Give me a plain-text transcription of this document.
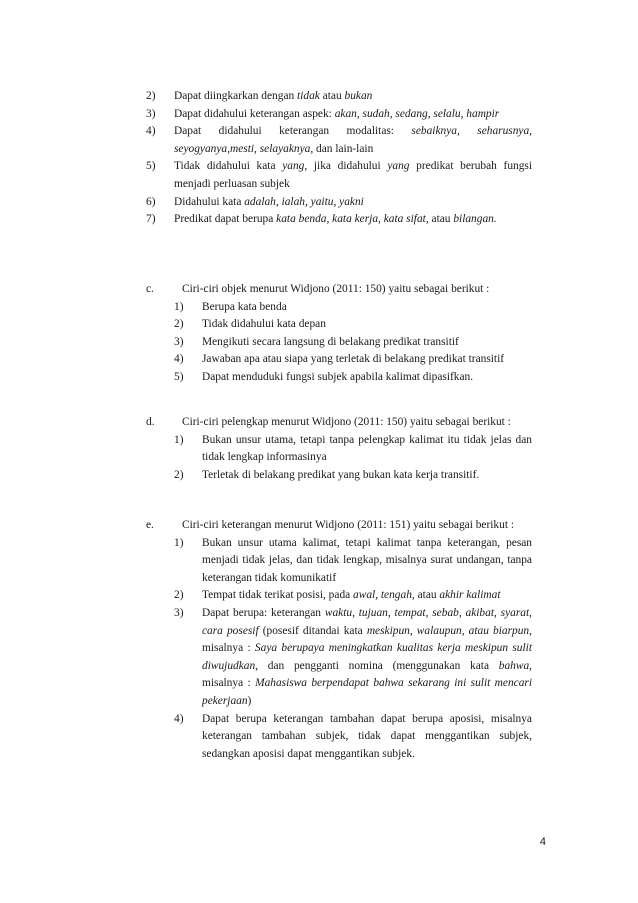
2)	Dapat diingkarkan dengan tidak atau bukan
3)	Dapat didahului keterangan aspek: akan, sudah, sedang, selalu, hampir
4)	Dapat didahului keterangan modalitas: sebaiknya, seharusnya, seyogyanya,mesti, selayaknya, dan lain-lain
5)	Tidak didahului kata yang, jika didahului yang predikat berubah fungsi menjadi perluasan subjek
6)	Didahului kata adalah, ialah, yaitu, yakni
7)	Predikat dapat berupa kata benda, kata kerja, kata sifat, atau bilangan.
c.	Ciri-ciri objek menurut Widjono (2011: 150) yaitu sebagai berikut :
1)	Berupa kata benda
2)	Tidak didahului kata depan
3)	Mengikuti secara langsung di belakang predikat transitif
4)	Jawaban apa atau siapa yang terletak di belakang predikat transitif
5)	Dapat menduduki fungsi subjek apabila kalimat dipasifkan.
d.	Ciri-ciri pelengkap menurut Widjono (2011: 150) yaitu sebagai berikut :
1)	Bukan unsur utama, tetapi tanpa pelengkap kalimat itu tidak jelas dan tidak lengkap informasinya
2)	Terletak di belakang predikat yang bukan kata kerja transitif.
e.	Ciri-ciri keterangan menurut Widjono (2011: 151) yaitu sebagai berikut :
1)	Bukan unsur utama kalimat, tetapi kalimat tanpa keterangan, pesan menjadi tidak jelas, dan tidak lengkap, misalnya surat undangan, tanpa keterangan tidak komunikatif
2)	Tempat tidak terikat posisi, pada awal, tengah, atau akhir kalimat
3)	Dapat berupa: keterangan waktu, tujuan, tempat, sebab, akibat, syarat, cara posesif (posesif ditandai kata meskipun, walaupun, atau biarpun, misalnya : Saya berupaya meningkatkan kualitas kerja meskipun sulit diwujudkan, dan pengganti nomina (menggunakan kata bahwa, misalnya : Mahasiswa berpendapat bahwa sekarang ini sulit mencari pekerjaan)
4)	Dapat berupa keterangan tambahan dapat berupa aposisi, misalnya keterangan tambahan subjek, tidak dapat menggantikan subjek, sedangkan aposisi dapat menggantikan subjek.
4
